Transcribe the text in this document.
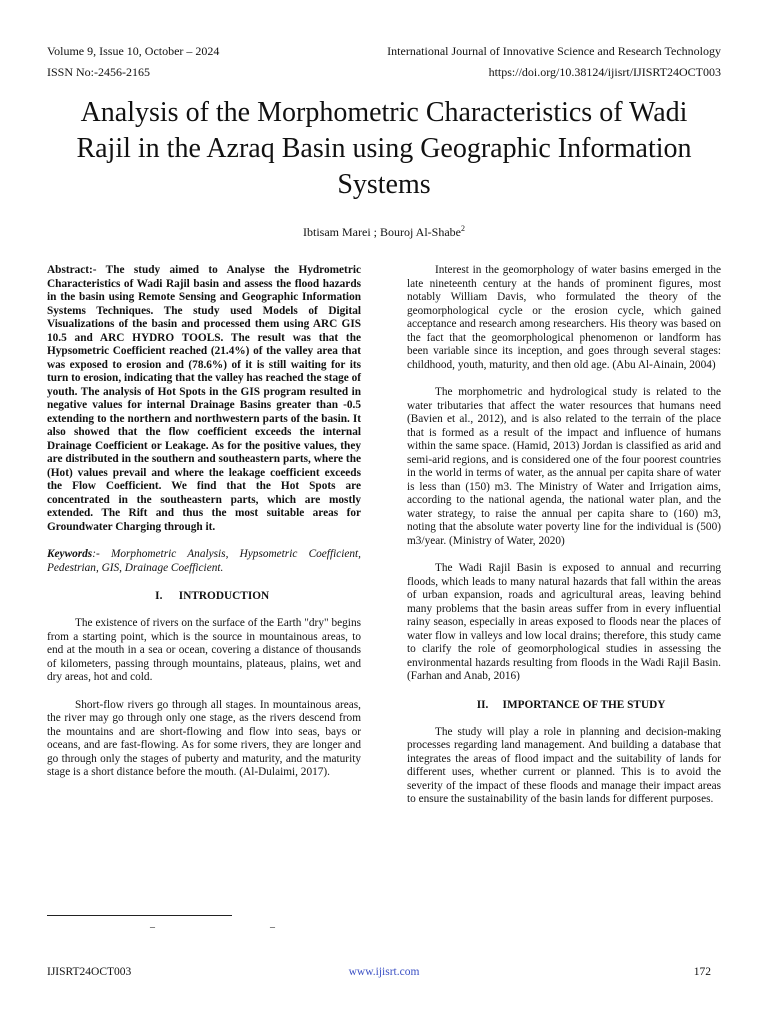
Volume 9, Issue 10, October – 2024	International Journal of Innovative Science and Research Technology
ISSN No:-2456-2165	https://doi.org/10.38124/ijisrt/IJISRT24OCT003
Analysis of the Morphometric Characteristics of Wadi Rajil in the Azraq Basin using Geographic Information Systems
Ibtisam Marei ; Bouroj Al-Shabe$^2$

Abstract:- The study aimed to Analyse the Hydrometric Characteristics of Wadi Rajil basin and assess the flood hazards in the basin using Remote Sensing and Geographic Information Systems Techniques. The study used Models of Digital Visualizations of the basin and processed them using ARC GIS 10.5 and ARC HYDRO TOOLS. The result was that the Hypsometric Coefficient reached (21.4%) of the valley area that was exposed to erosion and (78.6%) of it is still waiting for its turn to erosion, indicating that the valley has reached the stage of youth. The analysis of Hot Spots in the GIS program resulted in negative values for internal Drainage Basins greater than -0.5 extending to the northern and northwestern parts of the basin. It also showed that the flow coefficient exceeds the internal Drainage Coefficient or Leakage. As for the positive values, they are distributed in the southern and southeastern parts, where the (Hot) values prevail and where the leakage coefficient exceeds the Flow Coefficient. We find that the Hot Spots are concentrated in the southeastern parts, which are mostly extended. The Rift and thus the most suitable areas for Groundwater Charging through it.

Keywords:- Morphometric Analysis, Hypsometric Coefficient, Pedestrian, GIS, Drainage Coefficient.

I. INTRODUCTION

The existence of rivers on the surface of the Earth "dry" begins from a starting point, which is the source in mountainous areas, to end at the mouth in a sea or ocean, covering a distance of thousands of kilometers, passing through mountains, plateaus, plains, wet and dry areas, hot and cold.

Short-flow rivers go through all stages. In mountainous areas, the river may go through only one stage, as the rivers descend from the mountains and are short-flowing and flow into seas, bays or oceans, and are fast-flowing. As for some rivers, they are longer and go through only the stages of puberty and maturity, and the maturity stage is a short distance before the mouth. (Al-Dulaimi, 2017).

Interest in the geomorphology of water basins emerged in the late nineteenth century at the hands of prominent figures, most notably William Davis, who formulated the theory of the geomorphological cycle or the erosion cycle, which gained acceptance and research among researchers. His theory was based on the fact that the geomorphological phenomenon or landform has been variable since its inception, and goes through several stages: childhood, youth, maturity, and then old age. (Abu Al-Ainain, 2004)

The morphometric and hydrological study is related to the water tributaries that affect the water resources that humans need (Bavien et al., 2012), and is also related to the terrain of the place that is formed as a result of the impact and influence of humans within the same space. (Hamid, 2013) Jordan is classified as arid and semi-arid regions, and is considered one of the four poorest countries in the world in terms of water, as the annual per capita share of water is less than (150) m3. The Ministry of Water and Irrigation aims, according to the national agenda, the national water plan, and the water strategy, to raise the annual per capita share to (160) m3, noting that the absolute water poverty line for the individual is (500) m3/year. (Ministry of Water, 2020)

The Wadi Rajil Basin is exposed to annual and recurring floods, which leads to many natural hazards that fall within the areas of urban expansion, roads and agricultural areas, leaving behind many problems that the basin areas suffer from in every influential rainy season, especially in areas exposed to floods near the places of water flow in valleys and low local drains; therefore, this study came to clarify the role of geomorphological studies in assessing the environmental hazards resulting from floods in the Wadi Rajil Basin. (Farhan and Anab, 2016)

II. IMPORTANCE OF THE STUDY

The study will play a role in planning and decision-making processes regarding land management. And building a database that integrates the areas of flood impact and the suitability of lands for different uses, whether current or planned. This is to avoid the severity of the impact of these floods and manage their impact areas to ensure the sustainability of the basin lands for different purposes.

–	–
IJISRT24OCT003	www.ijisrt.com	172
